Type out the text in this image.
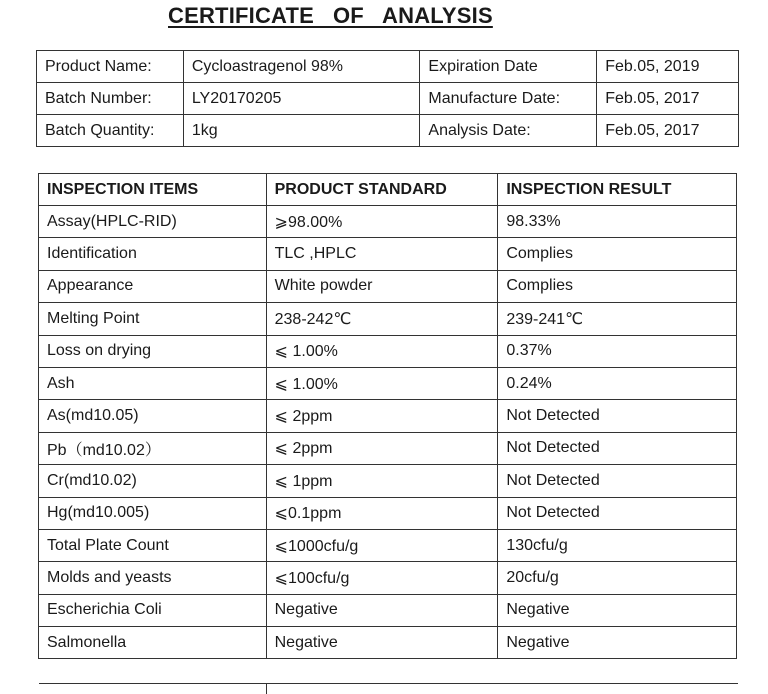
CERTIFICATE   OF   ANALYSIS
Product Name:	Cycloastragenol 98%	Expiration Date	Feb.05, 2019
Batch Number:	LY20170205	Manufacture Date:	Feb.05, 2017
Batch Quantity:	1kg	Analysis Date:	Feb.05, 2017
INSPECTION ITEMS	PRODUCT STANDARD	INSPECTION RESULT
Assay(HPLC-RID)	⩾98.00%	98.33%
Identification	TLC ,HPLC	Complies
Appearance	White powder	Complies
Melting Point	238-242℃	239-241℃
Loss on drying	⩽ 1.00%	0.37%
Ash	⩽ 1.00%	0.24%
As(md10.05)	⩽ 2ppm	Not Detected
Pb（md10.02）	⩽ 2ppm	Not Detected
Cr(md10.02)	⩽ 1ppm	Not Detected
Hg(md10.005)	⩽0.1ppm	Not Detected
Total Plate Count	⩽1000cfu/g	130cfu/g
Molds and yeasts	⩽100cfu/g	20cfu/g
Escherichia Coli	Negative	Negative
Salmonella	Negative	Negative
